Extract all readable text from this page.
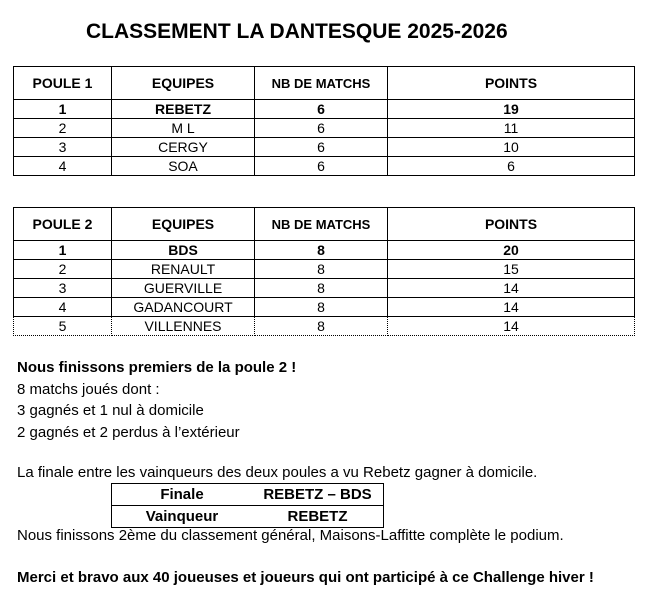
CLASSEMENT LA DANTESQUE 2025-2026
POULE 1	EQUIPES	NB DE MATCHS	POINTS
1	REBETZ	6	19
2	M L	6	11
3	CERGY	6	10
4	SOA	6	6
POULE 2	EQUIPES	NB DE MATCHS	POINTS
1	BDS	8	20
2	RENAULT	8	15
3	GUERVILLE	8	14
4	GADANCOURT	8	14
5	VILLENNES	8	14
Nous finissons premiers de la poule 2 !
8 matchs joués dont :
3 gagnés et 1 nul à domicile
2 gagnés et 2 perdus à l’extérieur
La finale entre les vainqueurs des deux poules a vu Rebetz gagner à domicile.
Finale	REBETZ – BDS
Vainqueur	REBETZ
Nous finissons 2ème du classement général, Maisons-Laffitte complète le podium.
Merci et bravo aux 40 joueuses et joueurs qui ont participé à ce Challenge hiver !
